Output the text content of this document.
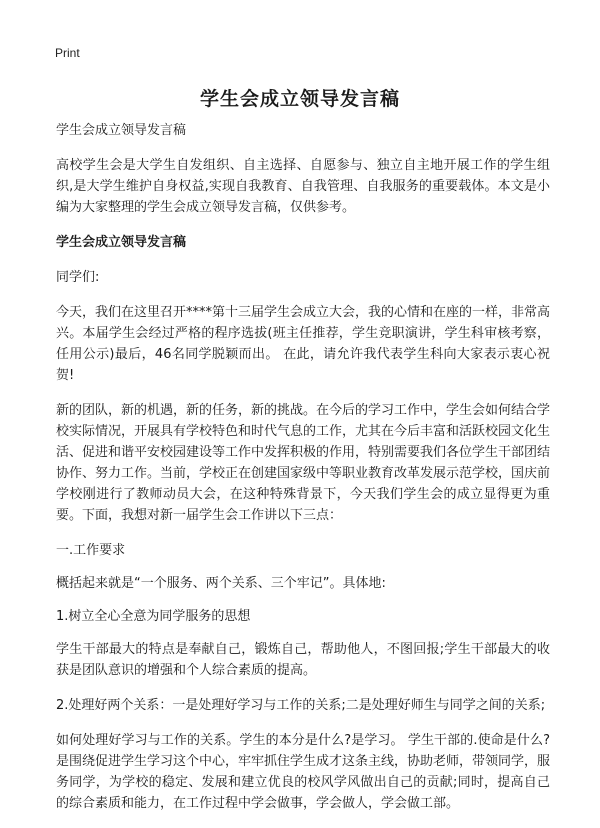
Print
学生会成立领导发言稿

学生会成立领导发言稿

高校学生会是大学生自发组织、自主选择、自愿参与、独立自主地开展工作的学生组织,是大学生维护自身权益,实现自我教育、自我管理、自我服务的重要载体。本文是小编为大家整理的学生会成立领导发言稿，仅供参考。

学生会成立领导发言稿

同学们:

今天，我们在这里召开****第十三届学生会成立大会，我的心情和在座的一样，非常高兴。本届学生会经过严格的程序选拔(班主任推荐，学生竞职演讲，学生科审核考察，任用公示)最后，46名同学脱颖而出。 在此，请允许我代表学生科向大家表示衷心祝贺!

新的团队，新的机遇，新的任务，新的挑战。在今后的学习工作中，学生会如何结合学校实际情况，开展具有学校特色和时代气息的工作，尤其在今后丰富和活跃校园文化生活、促进和谐平安校园建设等工作中发挥积极的作用，特别需要我们各位学生干部团结协作、努力工作。当前，学校正在创建国家级中等职业教育改革发展示范学校，国庆前学校刚进行了教师动员大会，在这种特殊背景下，今天我们学生会的成立显得更为重要。下面，我想对新一届学生会工作讲以下三点：

一.工作要求

概括起来就是“一个服务、两个关系、三个牢记”。具体地:

1.树立全心全意为同学服务的思想

学生干部最大的特点是奉献自己，锻炼自己，帮助他人，不图回报;学生干部最大的收获是团队意识的增强和个人综合素质的提高。

2.处理好两个关系：一是处理好学习与工作的关系;二是处理好师生与同学之间的关系;

如何处理好学习与工作的关系。学生的本分是什么?是学习。 学生干部的.使命是什么?是围绕促进学生学习这个中心，牢牢抓住学生成才这条主线，协助老师，带领同学，服务同学，为学校的稳定、发展和建立优良的校风学风做出自己的贡献;同时，提高自己的综合素质和能力，在工作过程中学会做事，学会做人，学会做工部。
